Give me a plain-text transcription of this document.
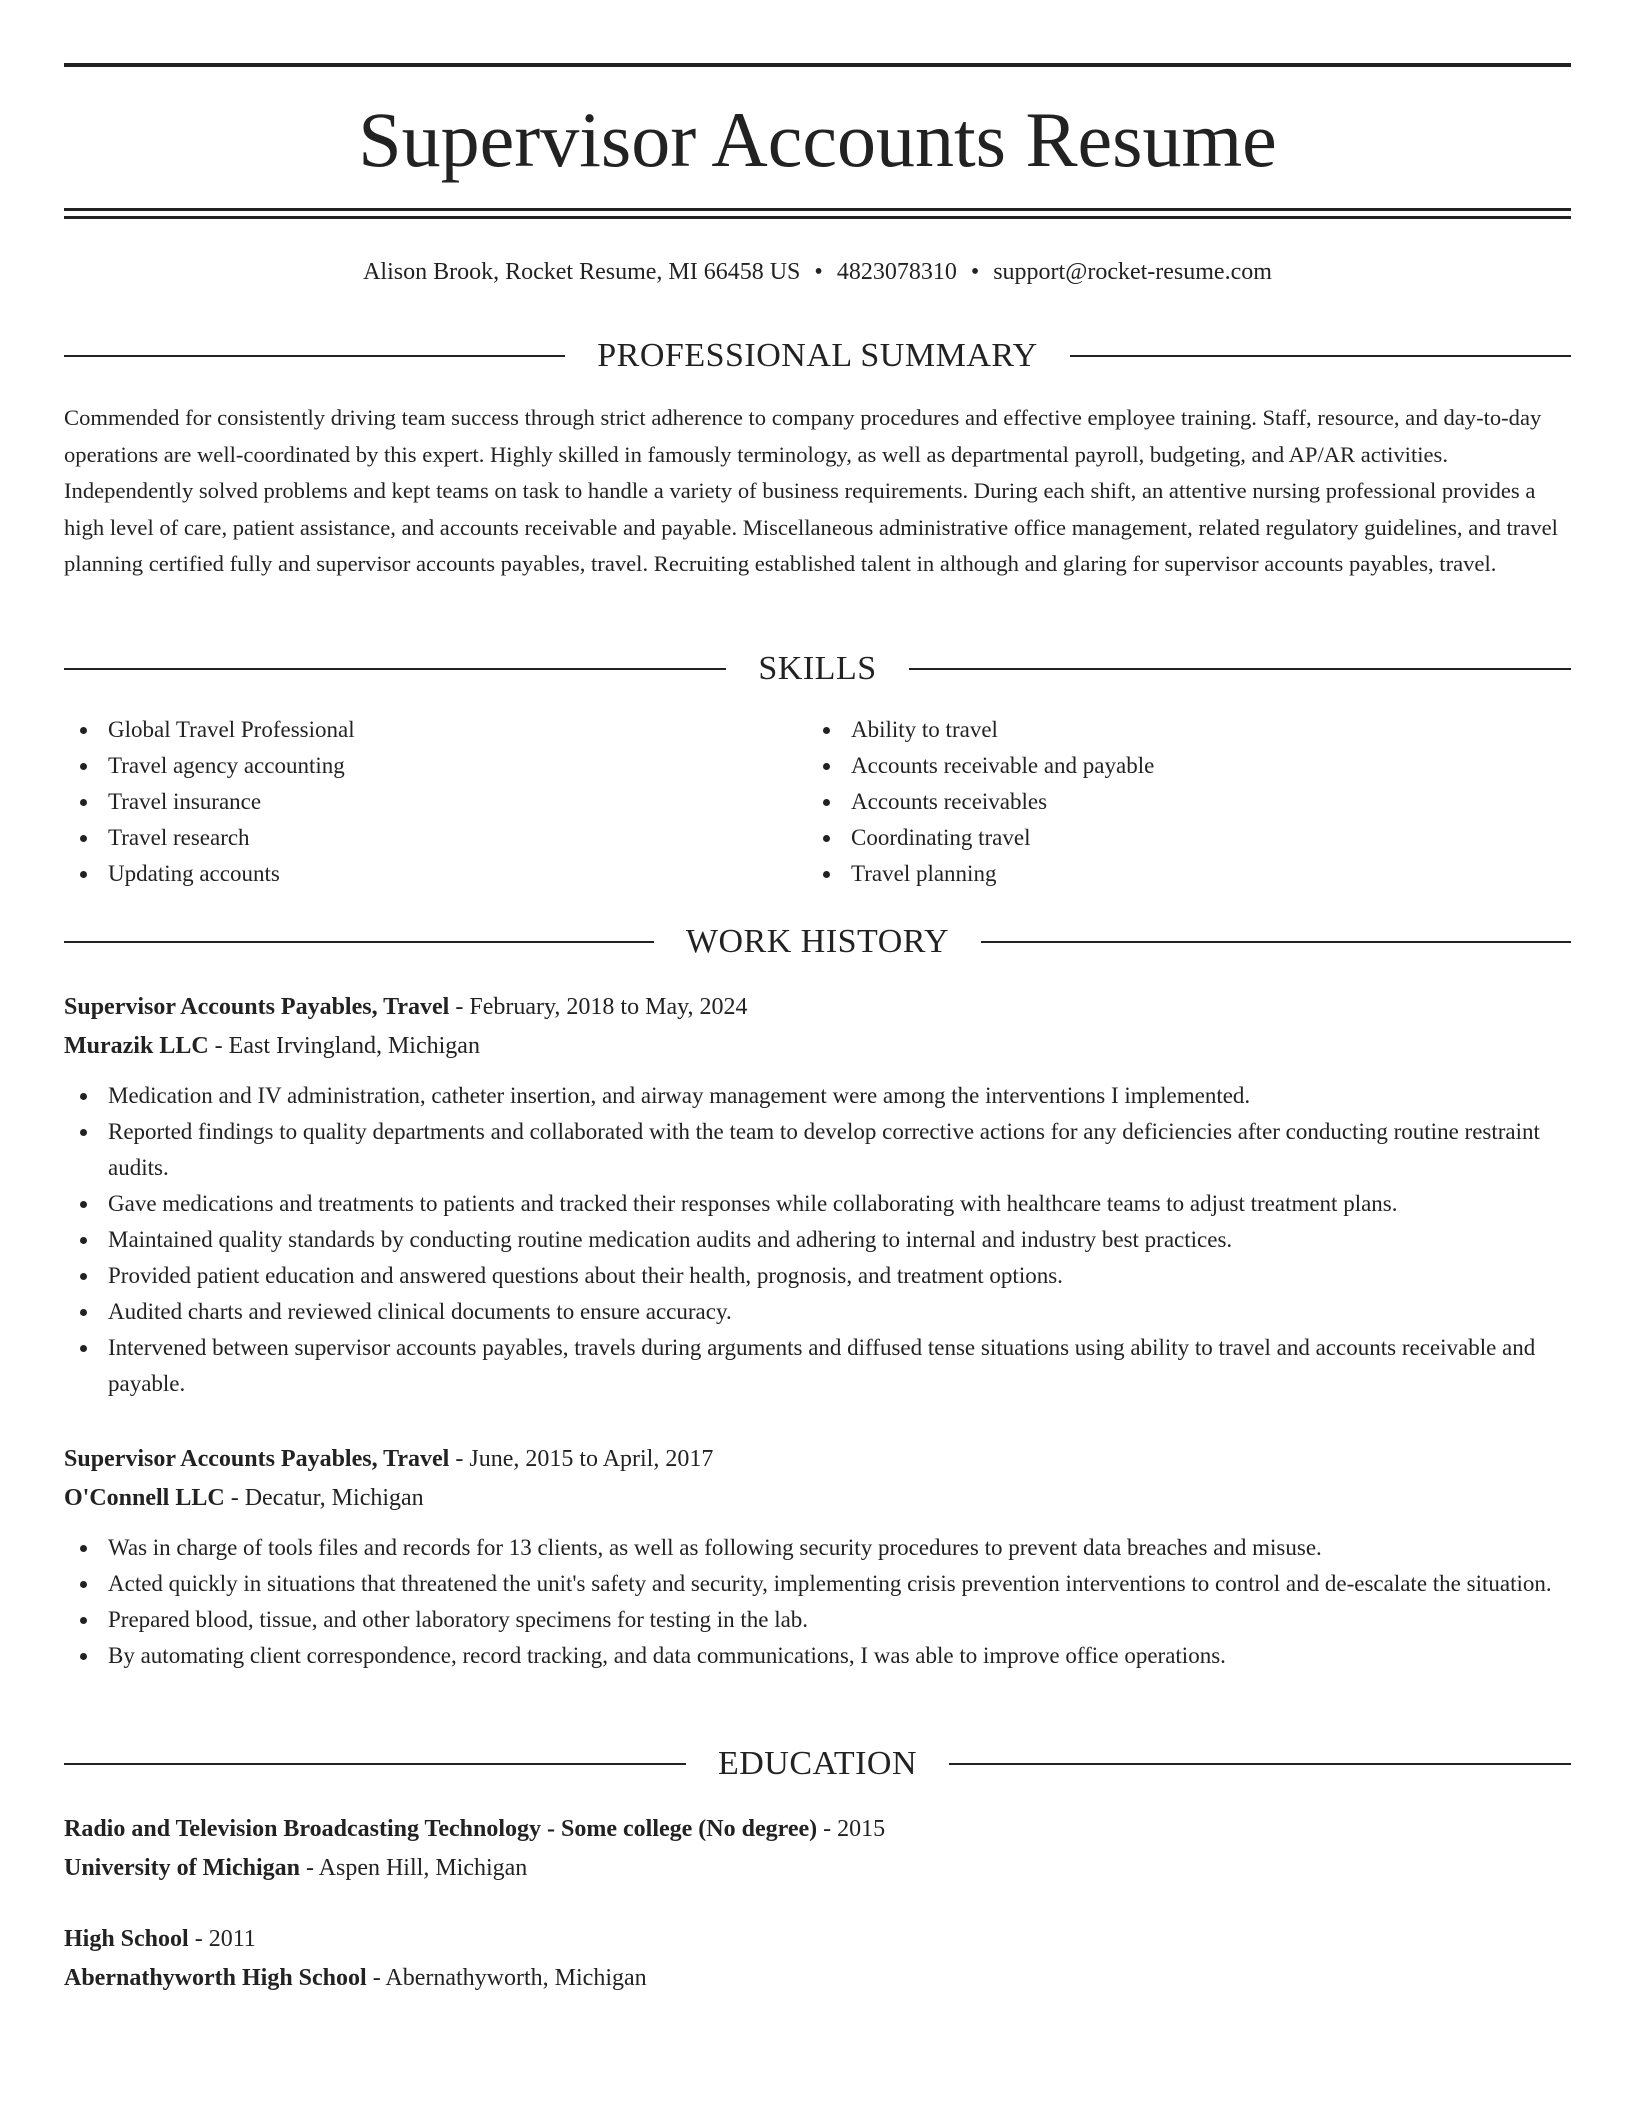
Supervisor Accounts Resume
Alison Brook, Rocket Resume, MI 66458 US • 4823078310 • support@rocket-resume.com
PROFESSIONAL SUMMARY

Commended for consistently driving team success through strict adherence to company procedures and effective employee training. Staff, resource, and day-to-day operations are well-coordinated by this expert. Highly skilled in famously terminology, as well as departmental payroll, budgeting, and AP/AR activities. Independently solved problems and kept teams on task to handle a variety of business requirements. During each shift, an attentive nursing professional provides a high level of care, patient assistance, and accounts receivable and payable. Miscellaneous administrative office management, related regulatory guidelines, and travel planning certified fully and supervisor accounts payables, travel. Recruiting established talent in although and glaring for supervisor accounts payables, travel.

SKILLS
Global Travel Professional
Travel agency accounting
Travel insurance
Travel research
Updating accounts
Ability to travel
Accounts receivable and payable
Accounts receivables
Coordinating travel
Travel planning
WORK HISTORY
Supervisor Accounts Payables, Travel - February, 2018 to May, 2024
Murazik LLC - East Irvingland, Michigan
Medication and IV administration, catheter insertion, and airway management were among the interventions I implemented.
Reported findings to quality departments and collaborated with the team to develop corrective actions for any deficiencies after conducting routine restraint audits.
Gave medications and treatments to patients and tracked their responses while collaborating with healthcare teams to adjust treatment plans.
Maintained quality standards by conducting routine medication audits and adhering to internal and industry best practices.
Provided patient education and answered questions about their health, prognosis, and treatment options.
Audited charts and reviewed clinical documents to ensure accuracy.
Intervened between supervisor accounts payables, travels during arguments and diffused tense situations using ability to travel and accounts receivable and payable.
Supervisor Accounts Payables, Travel - June, 2015 to April, 2017
O'Connell LLC - Decatur, Michigan
Was in charge of tools files and records for 13 clients, as well as following security procedures to prevent data breaches and misuse.
Acted quickly in situations that threatened the unit's safety and security, implementing crisis prevention interventions to control and de-escalate the situation.
Prepared blood, tissue, and other laboratory specimens for testing in the lab.
By automating client correspondence, record tracking, and data communications, I was able to improve office operations.
EDUCATION
Radio and Television Broadcasting Technology - Some college (No degree) - 2015
University of Michigan - Aspen Hill, Michigan
High School - 2011
Abernathyworth High School - Abernathyworth, Michigan
